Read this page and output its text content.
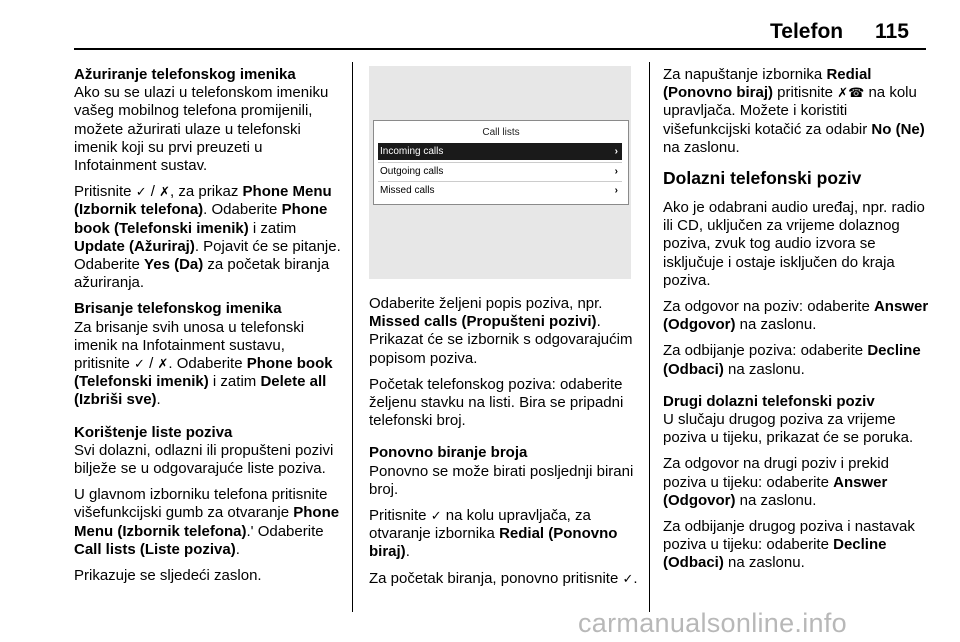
Telefon 115
Ažuriranje telefonskog imenika

Ako su se ulazi u telefonskom imeniku vašeg mobilnog telefona promijenili, možete ažurirati ulaze u telefonski imenik koji su prvi preuzeti u Infotainment sustav.

Pritisnite ✓ / ✗, za prikaz Phone Menu (Izbornik telefona). Odaberite Phone book (Telefonski imenik) i zatim Update (Ažuriraj). Pojavit će se pitanje. Odaberite Yes (Da) za početak biranja ažuriranja.

Brisanje telefonskog imenika

Za brisanje svih unosa u telefonski imenik na Infotainment sustavu, pritisnite ✓ / ✗. Odaberite Phone book (Telefonski imenik) i zatim Delete all (Izbriši sve).

Korištenje liste poziva

Svi dolazni, odlazni ili propušteni pozivi bilježe se u odgovarajuće liste poziva.

U glavnom izborniku telefona pritisnite višefunkcijski gumb za otvaranje Phone Menu (Izbornik telefona).' Odaberite Call lists (Liste poziva).

Prikazuje se sljedeći zaslon.

Call lists
Incoming calls	›
Outgoing calls	›
Missed calls	›

Odaberite željeni popis poziva, npr. Missed calls (Propušteni pozivi). Prikazat će se izbornik s odgovarajućim popisom poziva.

Početak telefonskog poziva: odaberite željenu stavku na listi. Bira se pripadni telefonski broj.

Ponovno biranje broja

Ponovno se može birati posljednji birani broj.

Pritisnite ✓ na kolu upravljača, za otvaranje izbornika Redial (Ponovno biraj).

Za početak biranja, ponovno pritisnite ✓.

Za napuštanje izbornika Redial (Ponovno biraj) pritisnite ✗☎ na kolu upravljača. Možete i koristiti višefunkcijski kotačić za odabir No (Ne) na zaslonu.

Dolazni telefonski poziv

Ako je odabrani audio uređaj, npr. radio ili CD, uključen za vrijeme dolaznog poziva, zvuk tog audio izvora se isključuje i ostaje isključen do kraja poziva.

Za odgovor na poziv: odaberite Answer (Odgovor) na zaslonu.

Za odbijanje poziva: odaberite Decline (Odbaci) na zaslonu.

Drugi dolazni telefonski poziv

U slučaju drugog poziva za vrijeme poziva u tijeku, prikazat će se poruka.

Za odgovor na drugi poziv i prekid poziva u tijeku: odaberite Answer (Odgovor) na zaslonu.

Za odbijanje drugog poziva i nastavak poziva u tijeku: odaberite Decline (Odbaci) na zaslonu.

carmanualsonline.info
